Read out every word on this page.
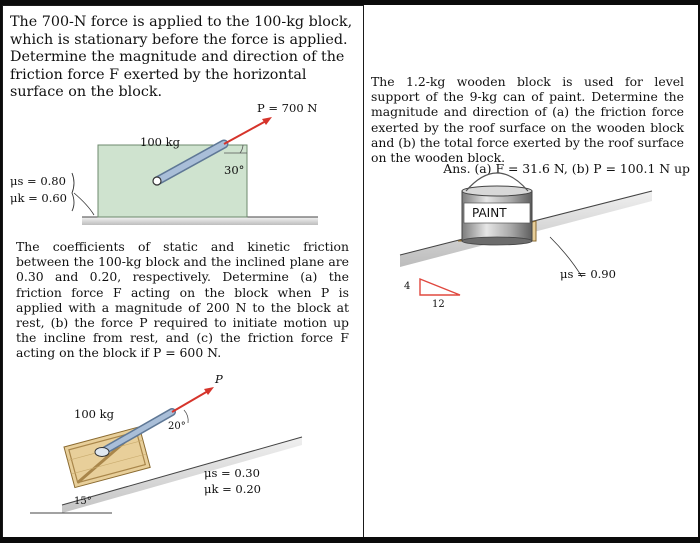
The 700-N force is applied to the 100-kg block, which is stationary before the force is applied. Determine the magnitude and direction of the friction force F exerted by the horizontal surface on the block.
The coefficients of static and kinetic friction between the 100-kg block and the inclined plane are 0.30 and 0.20, respectively. Determine (a) the friction force F acting on the block when P is applied with a magnitude of 200 N to the block at rest, (b) the force P required to initiate motion up the incline from rest, and (c) the friction force F acting on the block if P = 600 N.
The 1.2-kg wooden block is used for level support of the 9-kg can of paint. Determine the magnitude and direction of (a) the friction force exerted by the roof surface on the wooden block and (b) the total force exerted by the roof surface on the wooden block.
Ans. (a) F = 31.6 N, (b) P = 100.1 N up
P = 700 N
100 kg
30°
μs = 0.80
μk = 0.60
P
100 kg
20°
15°
μs = 0.30
μk = 0.20
PAINT
μs = 0.90
4
12
